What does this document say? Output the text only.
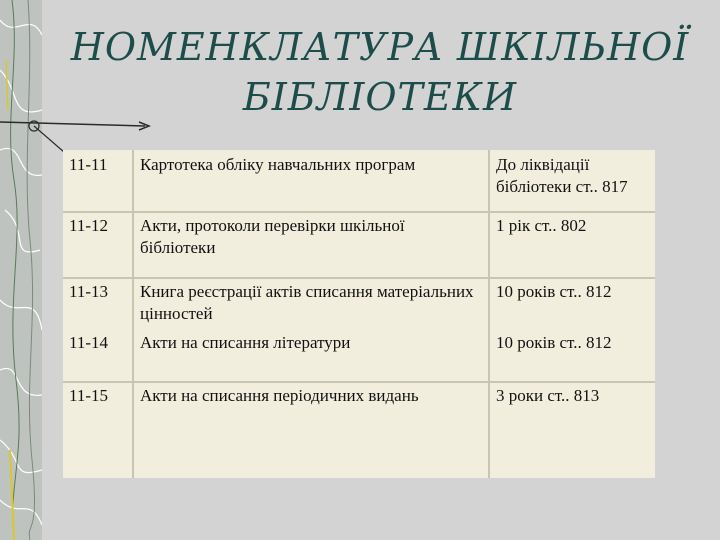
НОМЕНКЛАТУРА ШКІЛЬНОЇ
БІБЛІОТЕКИ
11-11	Картотека обліку навчальних програм	До ліквідації бібліотеки ст.. 817
11-12	Акти, протоколи перевірки шкільної бібліотеки	1 рік ст.. 802
11-13	Книга реєстрації актів списання матеріальних цінностей	10 років ст.. 812
11-14	Акти на списання літератури	10 років ст.. 812
11-15	Акти на списання періодичних видань	3 роки ст.. 813
